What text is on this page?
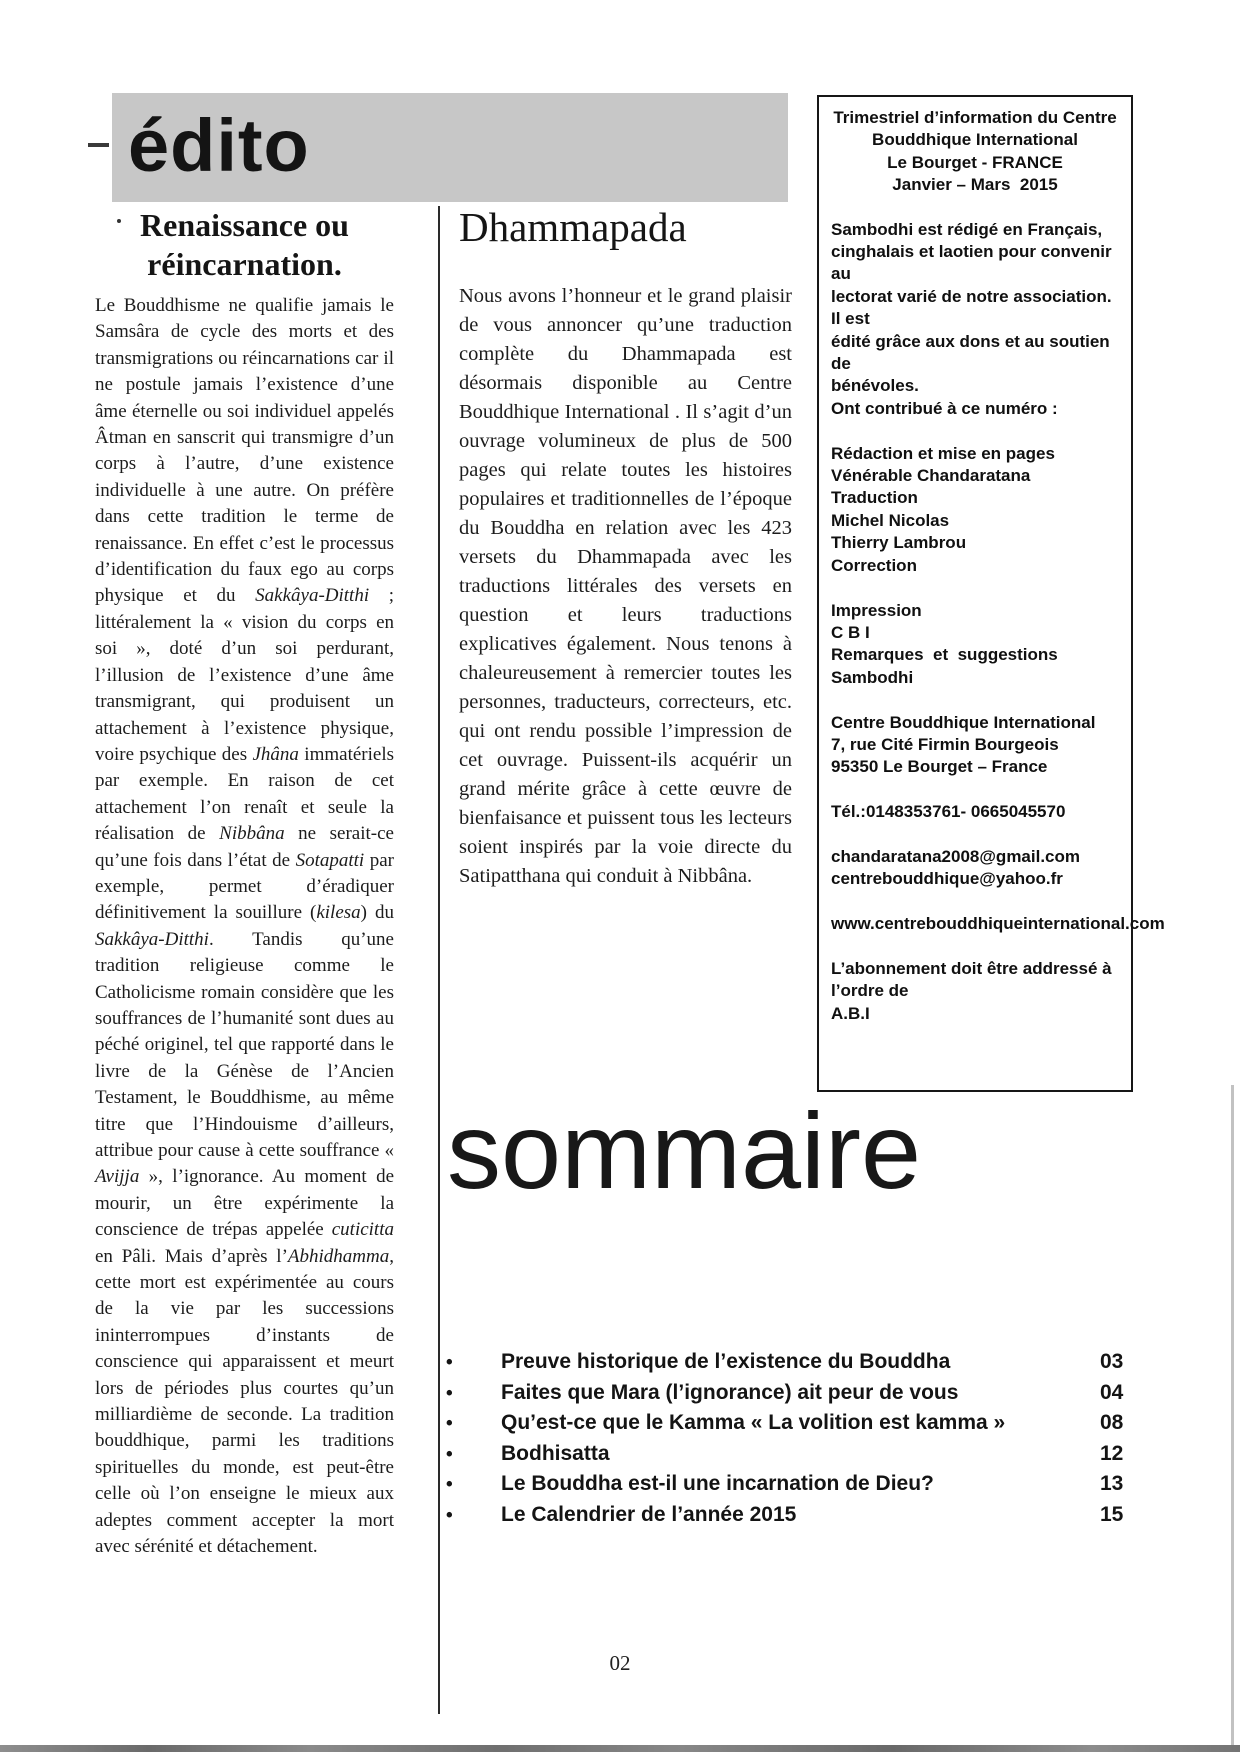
édito
Renaissance ou
réincarnation.
Le Bouddhisme ne qualifie jamais le Samsâra de cycle des morts et des transmigrations ou réincarnations car il ne postule jamais l’existence d’une âme éternelle ou soi individuel appelés Âtman en sanscrit qui transmigre d’un corps à l’autre, d’une existence individuelle à une autre. On préfère dans cette tradition le terme de renaissance. En effet c’est le processus d’identification du faux ego au corps physique et du Sakkâya-Ditthi ; littéralement la « vision du corps en soi », doté d’un soi perdurant, l’illusion de l’existence d’une âme transmigrant, qui produisent un attachement à l’existence physique, voire psychique des Jhâna immatériels par exemple. En raison de cet attachement l’on renaît et seule la réalisation de Nibbâna ne serait-ce qu’une fois dans l’état de Sotapatti par exemple, permet d’éradiquer définitivement la souillure (kilesa) du Sakkâya-Ditthi. Tandis qu’une tradition religieuse comme le Catholicisme romain considère que les souffrances de l’humanité sont dues au péché originel, tel que rapporté dans le livre de la Génèse de l’Ancien Testament, le Bouddhisme, au même titre que l’Hindouisme d’ailleurs, attribue pour cause à cette souffrance « Avijja », l’ignorance. Au moment de mourir, un être expérimente la conscience de trépas appelée cuticitta en Pâli. Mais d’après l’Abhidhamma, cette mort est expérimentée au cours de la vie par les successions ininterrompues d’instants de conscience qui apparaissent et meurt lors de périodes plus courtes qu’un milliardième de seconde. La tradition bouddhique, parmi les traditions spirituelles du monde, est peut-être celle où l’on enseigne le mieux aux adeptes comment accepter la mort avec sérénité et détachement.
Dhammapada
Nous avons l’honneur et le grand plaisir de vous annoncer qu’une traduction complète du Dhammapada est désormais disponible au Centre Bouddhique International . Il s’agit d’un ouvrage volumineux de plus de 500 pages qui relate toutes les histoires populaires et traditionnelles de l’époque du Bouddha en relation avec les 423 versets du Dhammapada avec les traductions littérales des versets en question et leurs traductions explicatives également. Nous tenons à chaleureusement à remercier toutes les personnes, traducteurs, correcteurs, etc. qui ont rendu possible l’impression de cet ouvrage. Puissent-ils acquérir un grand mérite grâce à cette œuvre de bienfaisance et puissent tous les lecteurs soient inspirés par la voie directe du Satipatthana qui conduit à Nibbâna.
Trimestriel d’information du Centre
Bouddhique International
Le Bourget - FRANCE
Janvier – Mars  2015
Sambodhi est rédigé en Français,
cinghalais et laotien pour convenir au
lectorat varié de notre association. Il est
édité grâce aux dons et au soutien de
bénévoles.
Ont contribué à ce numéro :
Rédaction et mise en pages
Vénérable Chandaratana
Traduction
Michel Nicolas
Thierry Lambrou
Correction
Impression
C B I
Remarques  et  suggestions
Sambodhi
Centre Bouddhique International
7, rue Cité Firmin Bourgeois
95350 Le Bourget – France
Tél.:0148353761- 0665045570
chandaratana2008@gmail.com
centrebouddhique@yahoo.fr
www.centrebouddhiqueinternational.com
L’abonnement doit être addressé à
l’ordre de
A.B.I
sommaire
•	Preuve historique de l’existence du Bouddha	03
•	Faites que Mara (l’ignorance) ait peur de vous	04
•	Qu’est-ce que le Kamma « La volition est kamma »	08
•	Bodhisatta	12
•	Le Bouddha est-il une incarnation de Dieu?	13
•	Le Calendrier de l’année 2015	15
02
